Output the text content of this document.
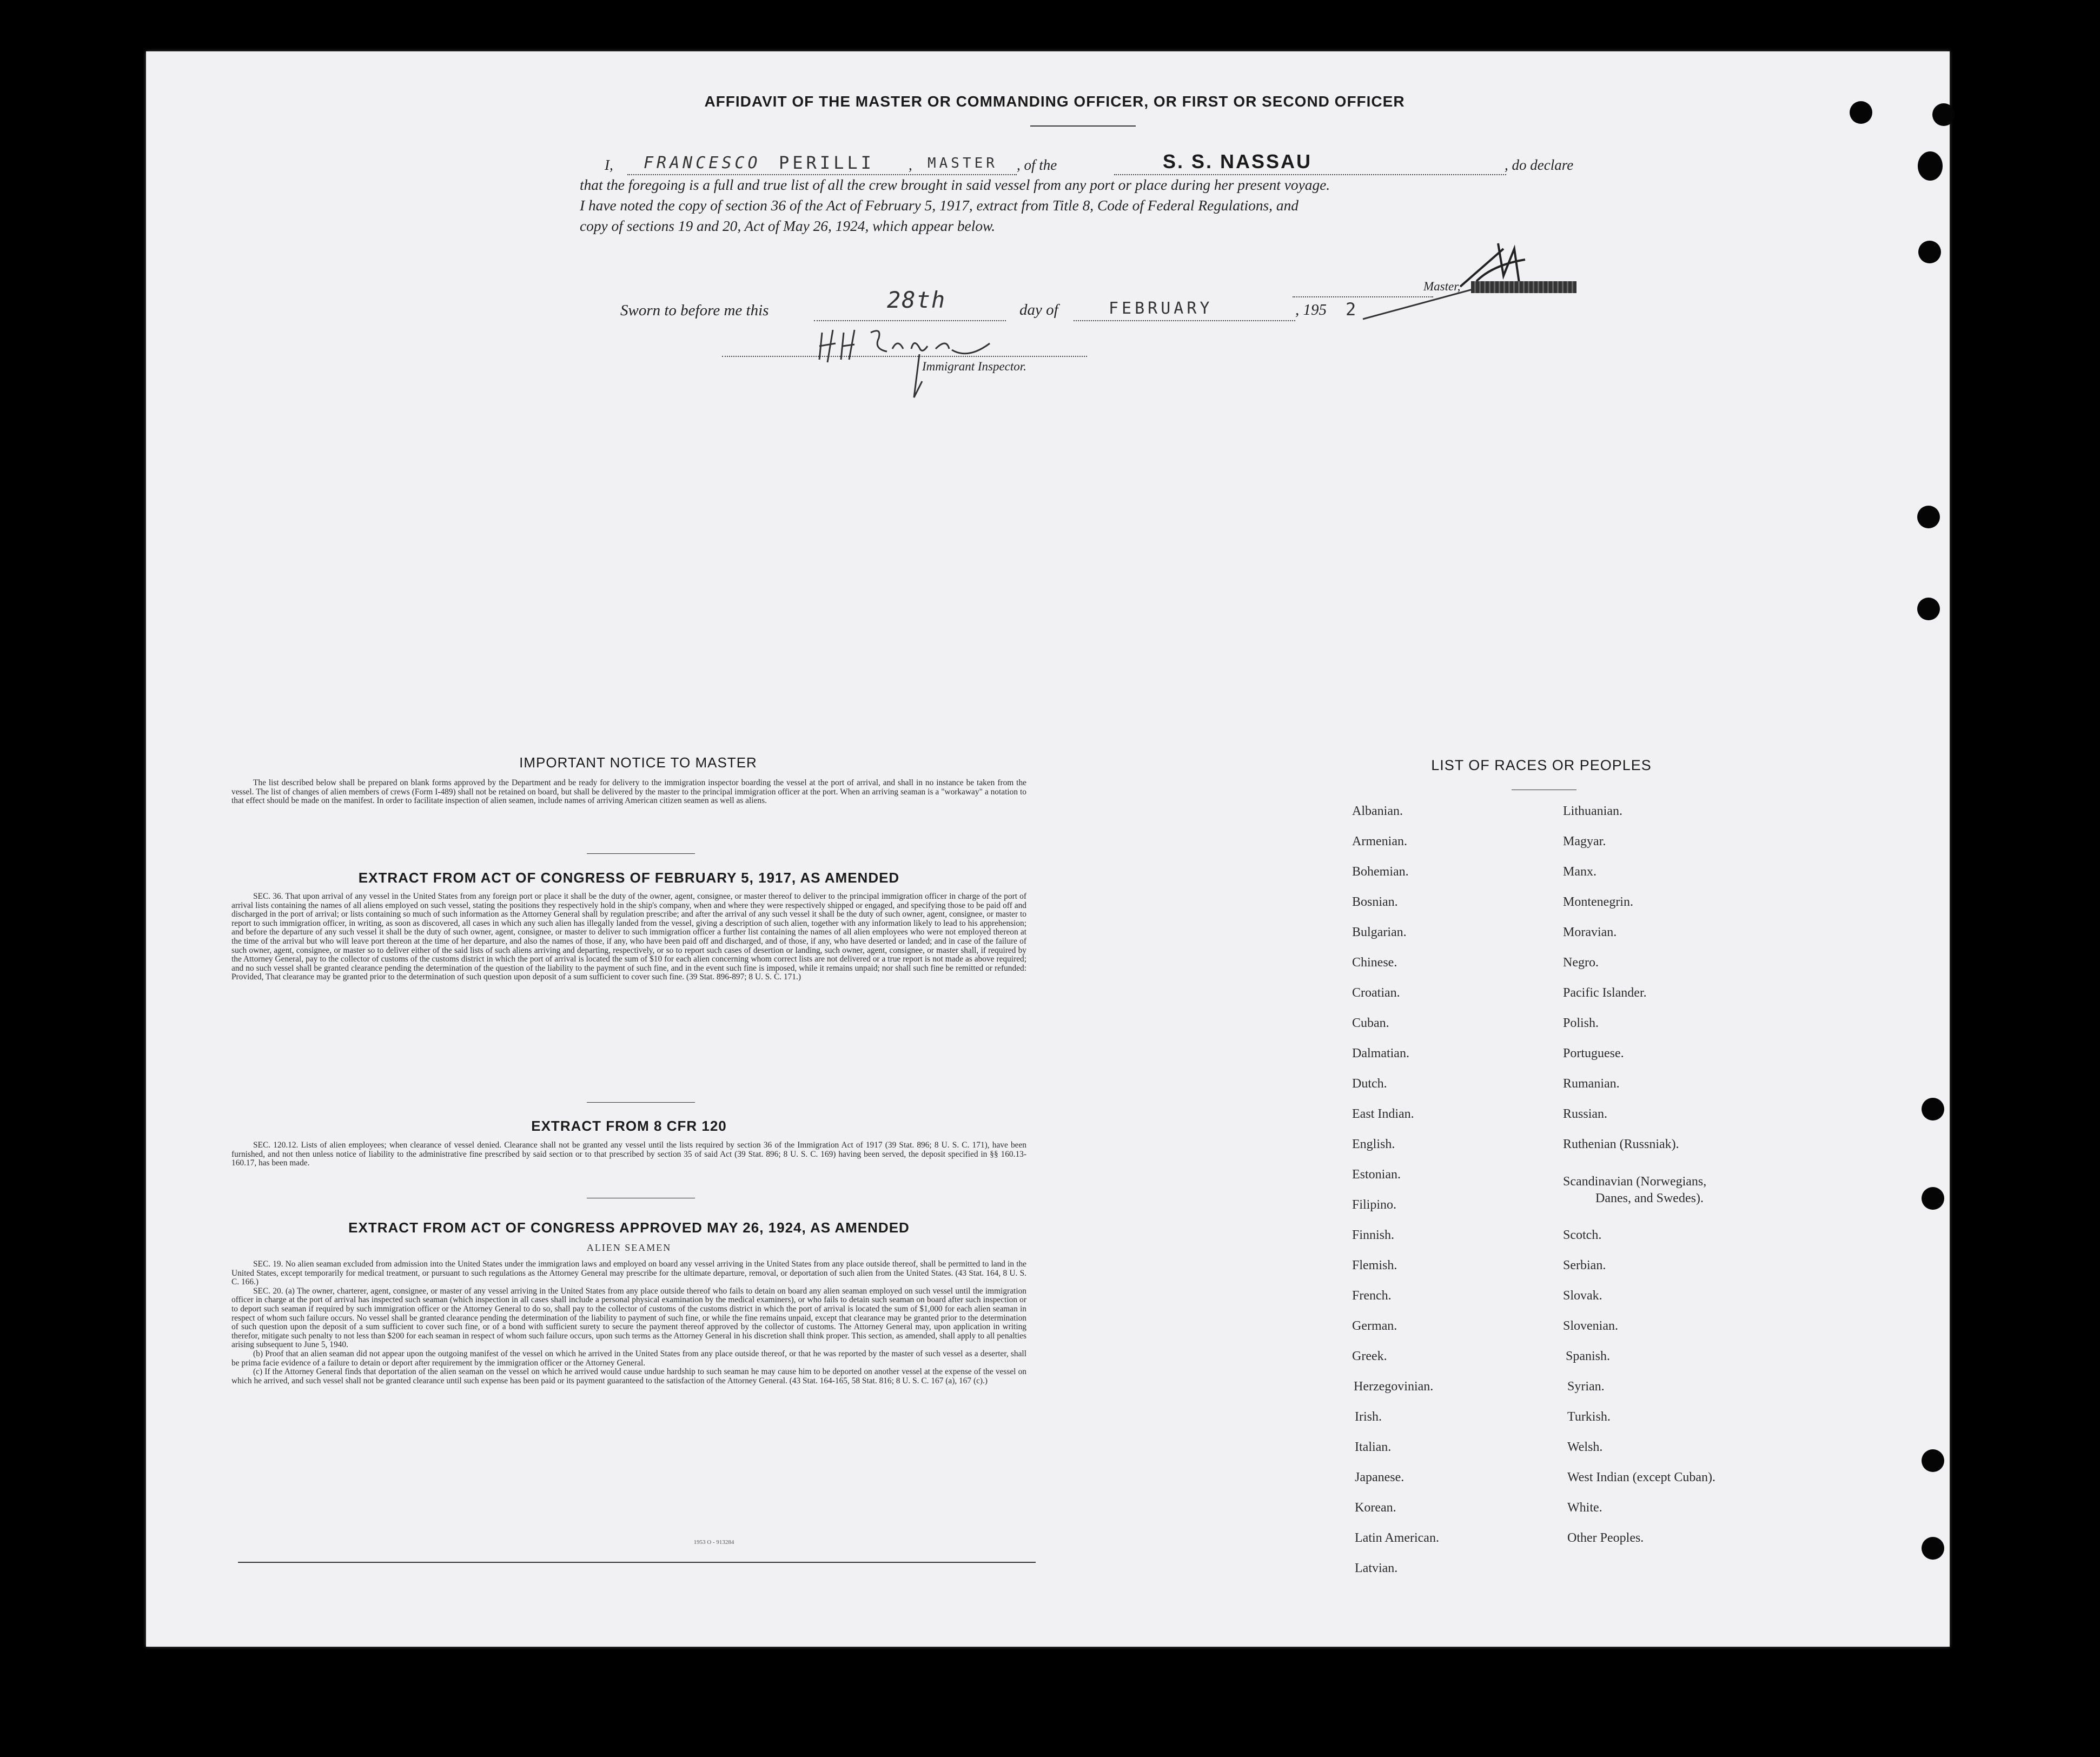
AFFIDAVIT OF THE MASTER OR COMMANDING OFFICER, OR FIRST OR SECOND OFFICER
I, FRANCESCO PERILLI , MASTER , of the	S. S. NASSAU	, do declare
that the foregoing is a full and true list of all the crew brought in said vessel from any port or place during her present voyage.
I have noted the copy of section 36 of the Act of February 5, 1917, extract from Title 8, Code of Federal Regulations, and
copy of sections 19 and 20, Act of May 26, 1924, which appear below.
Master,
Sworn to before me this	28th	day of	FEBRUARY	, 195 2
Immigrant Inspector.
IMPORTANT NOTICE TO MASTER
The list described below shall be prepared on blank forms approved by the Department and be ready for delivery to the immigration inspector boarding the vessel at the port of arrival, and shall in no instance be taken from the vessel. The list of changes of alien members of crews (Form I-489) shall not be retained on board, but shall be delivered by the master to the principal immigration officer at the port. When an arriving seaman is a "workaway" a notation to that effect should be made on the manifest. In order to facilitate inspection of alien seamen, include names of arriving American citizen seamen as well as aliens.
EXTRACT FROM ACT OF CONGRESS OF FEBRUARY 5, 1917, AS AMENDED
SEC. 36. That upon arrival of any vessel in the United States from any foreign port or place it shall be the duty of the owner, agent, consignee, or master thereof to deliver to the principal immigration officer in charge of the port of arrival lists containing the names of all aliens employed on such vessel, stating the positions they respectively hold in the ship's company, when and where they were respectively shipped or engaged, and specifying those to be paid off and discharged in the port of arrival; or lists containing so much of such information as the Attorney General shall by regulation prescribe; and after the arrival of any such vessel it shall be the duty of such owner, agent, consignee, or master to report to such immigration officer, in writing, as soon as discovered, all cases in which any such alien has illegally landed from the vessel, giving a description of such alien, together with any information likely to lead to his apprehension; and before the departure of any such vessel it shall be the duty of such owner, agent, consignee, or master to deliver to such immigration officer a further list containing the names of all alien employees who were not employed thereon at the time of the arrival but who will leave port thereon at the time of her departure, and also the names of those, if any, who have been paid off and discharged, and of those, if any, who have deserted or landed; and in case of the failure of such owner, agent, consignee, or master so to deliver either of the said lists of such aliens arriving and departing, respectively, or so to report such cases of desertion or landing, such owner, agent, consignee, or master shall, if required by the Attorney General, pay to the collector of customs of the customs district in which the port of arrival is located the sum of $10 for each alien concerning whom correct lists are not delivered or a true report is not made as above required; and no such vessel shall be granted clearance pending the determination of the question of the liability to the payment of such fine, and in the event such fine is imposed, while it remains unpaid; nor shall such fine be remitted or refunded: Provided, That clearance may be granted prior to the determination of such question upon deposit of a sum sufficient to cover such fine. (39 Stat. 896-897; 8 U. S. C. 171.)
EXTRACT FROM 8 CFR 120
SEC. 120.12. Lists of alien employees; when clearance of vessel denied. Clearance shall not be granted any vessel until the lists required by section 36 of the Immigration Act of 1917 (39 Stat. 896; 8 U. S. C. 171), have been furnished, and not then unless notice of liability to the administrative fine prescribed by said section or to that prescribed by section 35 of said Act (39 Stat. 896; 8 U. S. C. 169) having been served, the deposit specified in §§ 160.13-160.17, has been made.
EXTRACT FROM ACT OF CONGRESS APPROVED MAY 26, 1924, AS AMENDED
ALIEN SEAMEN
SEC. 19. No alien seaman excluded from admission into the United States under the immigration laws and employed on board any vessel arriving in the United States from any place outside thereof, shall be permitted to land in the United States, except temporarily for medical treatment, or pursuant to such regulations as the Attorney General may prescribe for the ultimate departure, removal, or deportation of such alien from the United States. (43 Stat. 164, 8 U. S. C. 166.)
SEC. 20. (a) The owner, charterer, agent, consignee, or master of any vessel arriving in the United States from any place outside thereof who fails to detain on board any alien seaman employed on such vessel until the immigration officer in charge at the port of arrival has inspected such seaman (which inspection in all cases shall include a personal physical examination by the medical examiners), or who fails to detain such seaman on board after such inspection or to deport such seaman if required by such immigration officer or the Attorney General to do so, shall pay to the collector of customs of the customs district in which the port of arrival is located the sum of $1,000 for each alien seaman in respect of whom such failure occurs. No vessel shall be granted clearance pending the determination of the liability to payment of such fine, or while the fine remains unpaid, except that clearance may be granted prior to the determination of such question upon the deposit of a sum sufficient to cover such fine, or of a bond with sufficient surety to secure the payment thereof approved by the collector of customs. The Attorney General may, upon application in writing therefor, mitigate such penalty to not less than $200 for each seaman in respect of whom such failure occurs, upon such terms as the Attorney General in his discretion shall think proper. This section, as amended, shall apply to all penalties arising subsequent to June 5, 1940.
(b) Proof that an alien seaman did not appear upon the outgoing manifest of the vessel on which he arrived in the United States from any place outside thereof, or that he was reported by the master of such vessel as a deserter, shall be prima facie evidence of a failure to detain or deport after requirement by the immigration officer or the Attorney General.
(c) If the Attorney General finds that deportation of the alien seaman on the vessel on which he arrived would cause undue hardship to such seaman he may cause him to be deported on another vessel at the expense of the vessel on which he arrived, and such vessel shall not be granted clearance until such expense has been paid or its payment guaranteed to the satisfaction of the Attorney General. (43 Stat. 164-165, 58 Stat. 816; 8 U. S. C. 167 (a), 167 (c).)
1953 O - 913284
LIST OF RACES OR PEOPLES
Albanian.
Armenian.
Bohemian.
Bosnian.
Bulgarian.
Chinese.
Croatian.
Cuban.
Dalmatian.
Dutch.
East Indian.
English.
Estonian.
Filipino.
Finnish.
Flemish.
French.
German.
Greek.
Herzegovinian.
Irish.
Italian.
Japanese.
Korean.
Latin American.
Latvian.
Lithuanian.
Magyar.
Manx.
Montenegrin.
Moravian.
Negro.
Pacific Islander.
Polish.
Portuguese.
Rumanian.
Russian.
Ruthenian (Russniak).
Scandinavian (Norwegians,
Danes, and Swedes).
Scotch.
Serbian.
Slovak.
Slovenian.
Spanish.
Syrian.
Turkish.
Welsh.
West Indian (except Cuban).
White.
Other Peoples.
